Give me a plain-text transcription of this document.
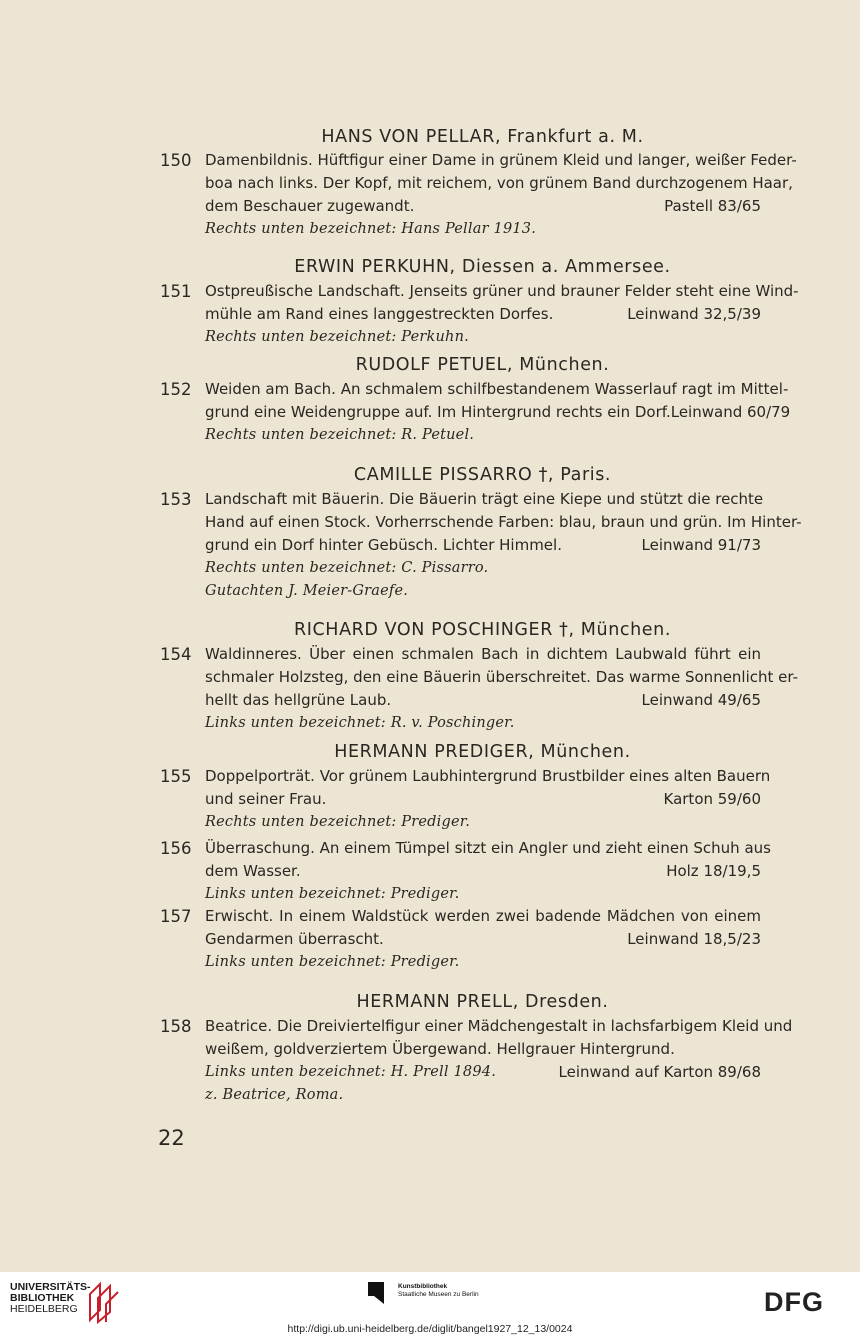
HANS VON PELLAR, Frankfurt a. M.
150 Damenbildnis. Hüftfigur einer Dame in grünem Kleid und langer, weißer Feder-
boa nach links. Der Kopf, mit reichem, von grünem Band durchzogenem Haar,
dem Beschauer zugewandt.	Pastell 83/65
Rechts unten bezeichnet: Hans Pellar 1913.
ERWIN PERKUHN, Diessen a. Ammersee.
151 Ostpreußische Landschaft. Jenseits grüner und brauner Felder steht eine Wind-
mühle am Rand eines langgestreckten Dorfes.	Leinwand 32,5/39
Rechts unten bezeichnet: Perkuhn.
RUDOLF PETUEL, München.
152 Weiden am Bach. An schmalem schilfbestandenem Wasserlauf ragt im Mittel-
grund eine Weidengruppe auf. Im Hintergrund rechts ein Dorf. Leinwand 60/79
Rechts unten bezeichnet: R. Petuel.
CAMILLE PISSARRO †, Paris.
153 Landschaft mit Bäuerin. Die Bäuerin trägt eine Kiepe und stützt die rechte
Hand auf einen Stock. Vorherrschende Farben: blau, braun und grün. Im Hinter-
grund ein Dorf hinter Gebüsch. Lichter Himmel.	Leinwand 91/73
Rechts unten bezeichnet: C. Pissarro.
Gutachten J. Meier-Graefe.
RICHARD VON POSCHINGER †, München.
154 Waldinneres. Über einen schmalen Bach in dichtem Laubwald führt ein
schmaler Holzsteg, den eine Bäuerin überschreitet. Das warme Sonnenlicht er-
hellt das hellgrüne Laub.	Leinwand 49/65
Links unten bezeichnet: R. v. Poschinger.
HERMANN PREDIGER, München.
155 Doppelporträt. Vor grünem Laubhintergrund Brustbilder eines alten Bauern
und seiner Frau.	Karton 59/60
Rechts unten bezeichnet: Prediger.
156 Überraschung. An einem Tümpel sitzt ein Angler und zieht einen Schuh aus
dem Wasser.	Holz 18/19,5
Links unten bezeichnet: Prediger.
157 Erwischt. In einem Waldstück werden zwei badende Mädchen von einem
Gendarmen überrascht.	Leinwand 18,5/23
Links unten bezeichnet: Prediger.
HERMANN PRELL, Dresden.
158 Beatrice. Die Dreiviertelfigur einer Mädchengestalt in lachsfarbigem Kleid und
weißem, goldverziertem Übergewand. Hellgrauer Hintergrund.
Links unten bezeichnet: H. Prell 1894.	Leinwand auf Karton 89/68
z. Beatrice, Roma.
22
UNIVERSITÄTS-
BIBLIOTHEK
HEIDELBERG
Kunstbibliothek
Staatliche Museen zu Berlin	DFG
http://digi.ub.uni-heidelberg.de/diglit/bangel1927_12_13/0024
